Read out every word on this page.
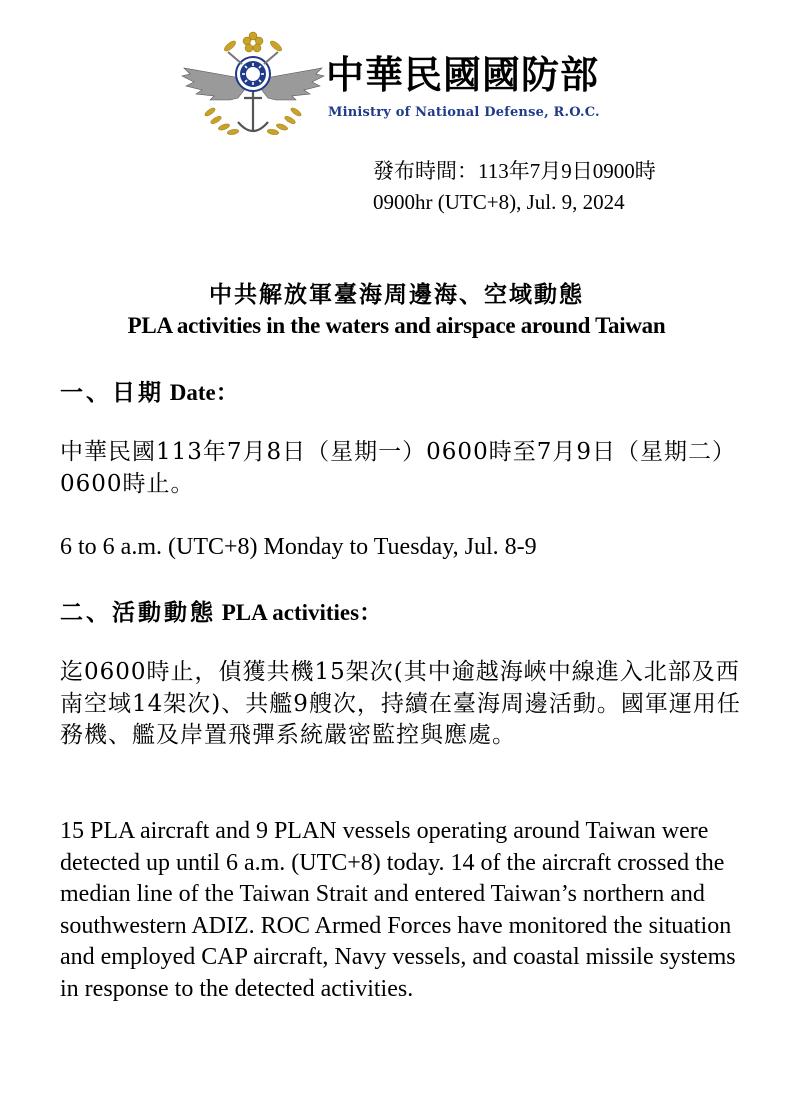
中華民國國防部
Ministry of National Defense, R.O.C.
發布時間：113年7月9日0900時
0900hr (UTC+8), Jul. 9, 2024
中共解放軍臺海周邊海、空域動態
PLA activities in the waters and airspace around Taiwan
一、日期 Date：
中華民國113年7月8日（星期一）0600時至7月9日（星期二）0600時止。
6 to 6 a.m. (UTC+8) Monday to Tuesday, Jul. 8-9
二、活動動態 PLA activities：
迄0600時止，偵獲共機15架次(其中逾越海峽中線進入北部及西南空域14架次)、共艦9艘次，持續在臺海周邊活動。國軍運用任務機、艦及岸置飛彈系統嚴密監控與應處。
15 PLA aircraft and 9 PLAN vessels operating around Taiwan were detected up until 6 a.m. (UTC+8) today. 14 of the aircraft crossed the median line of the Taiwan Strait and entered Taiwan’s northern and southwestern ADIZ. ROC Armed Forces have monitored the situation and employed CAP aircraft, Navy vessels, and coastal missile systems in response to the detected activities.
